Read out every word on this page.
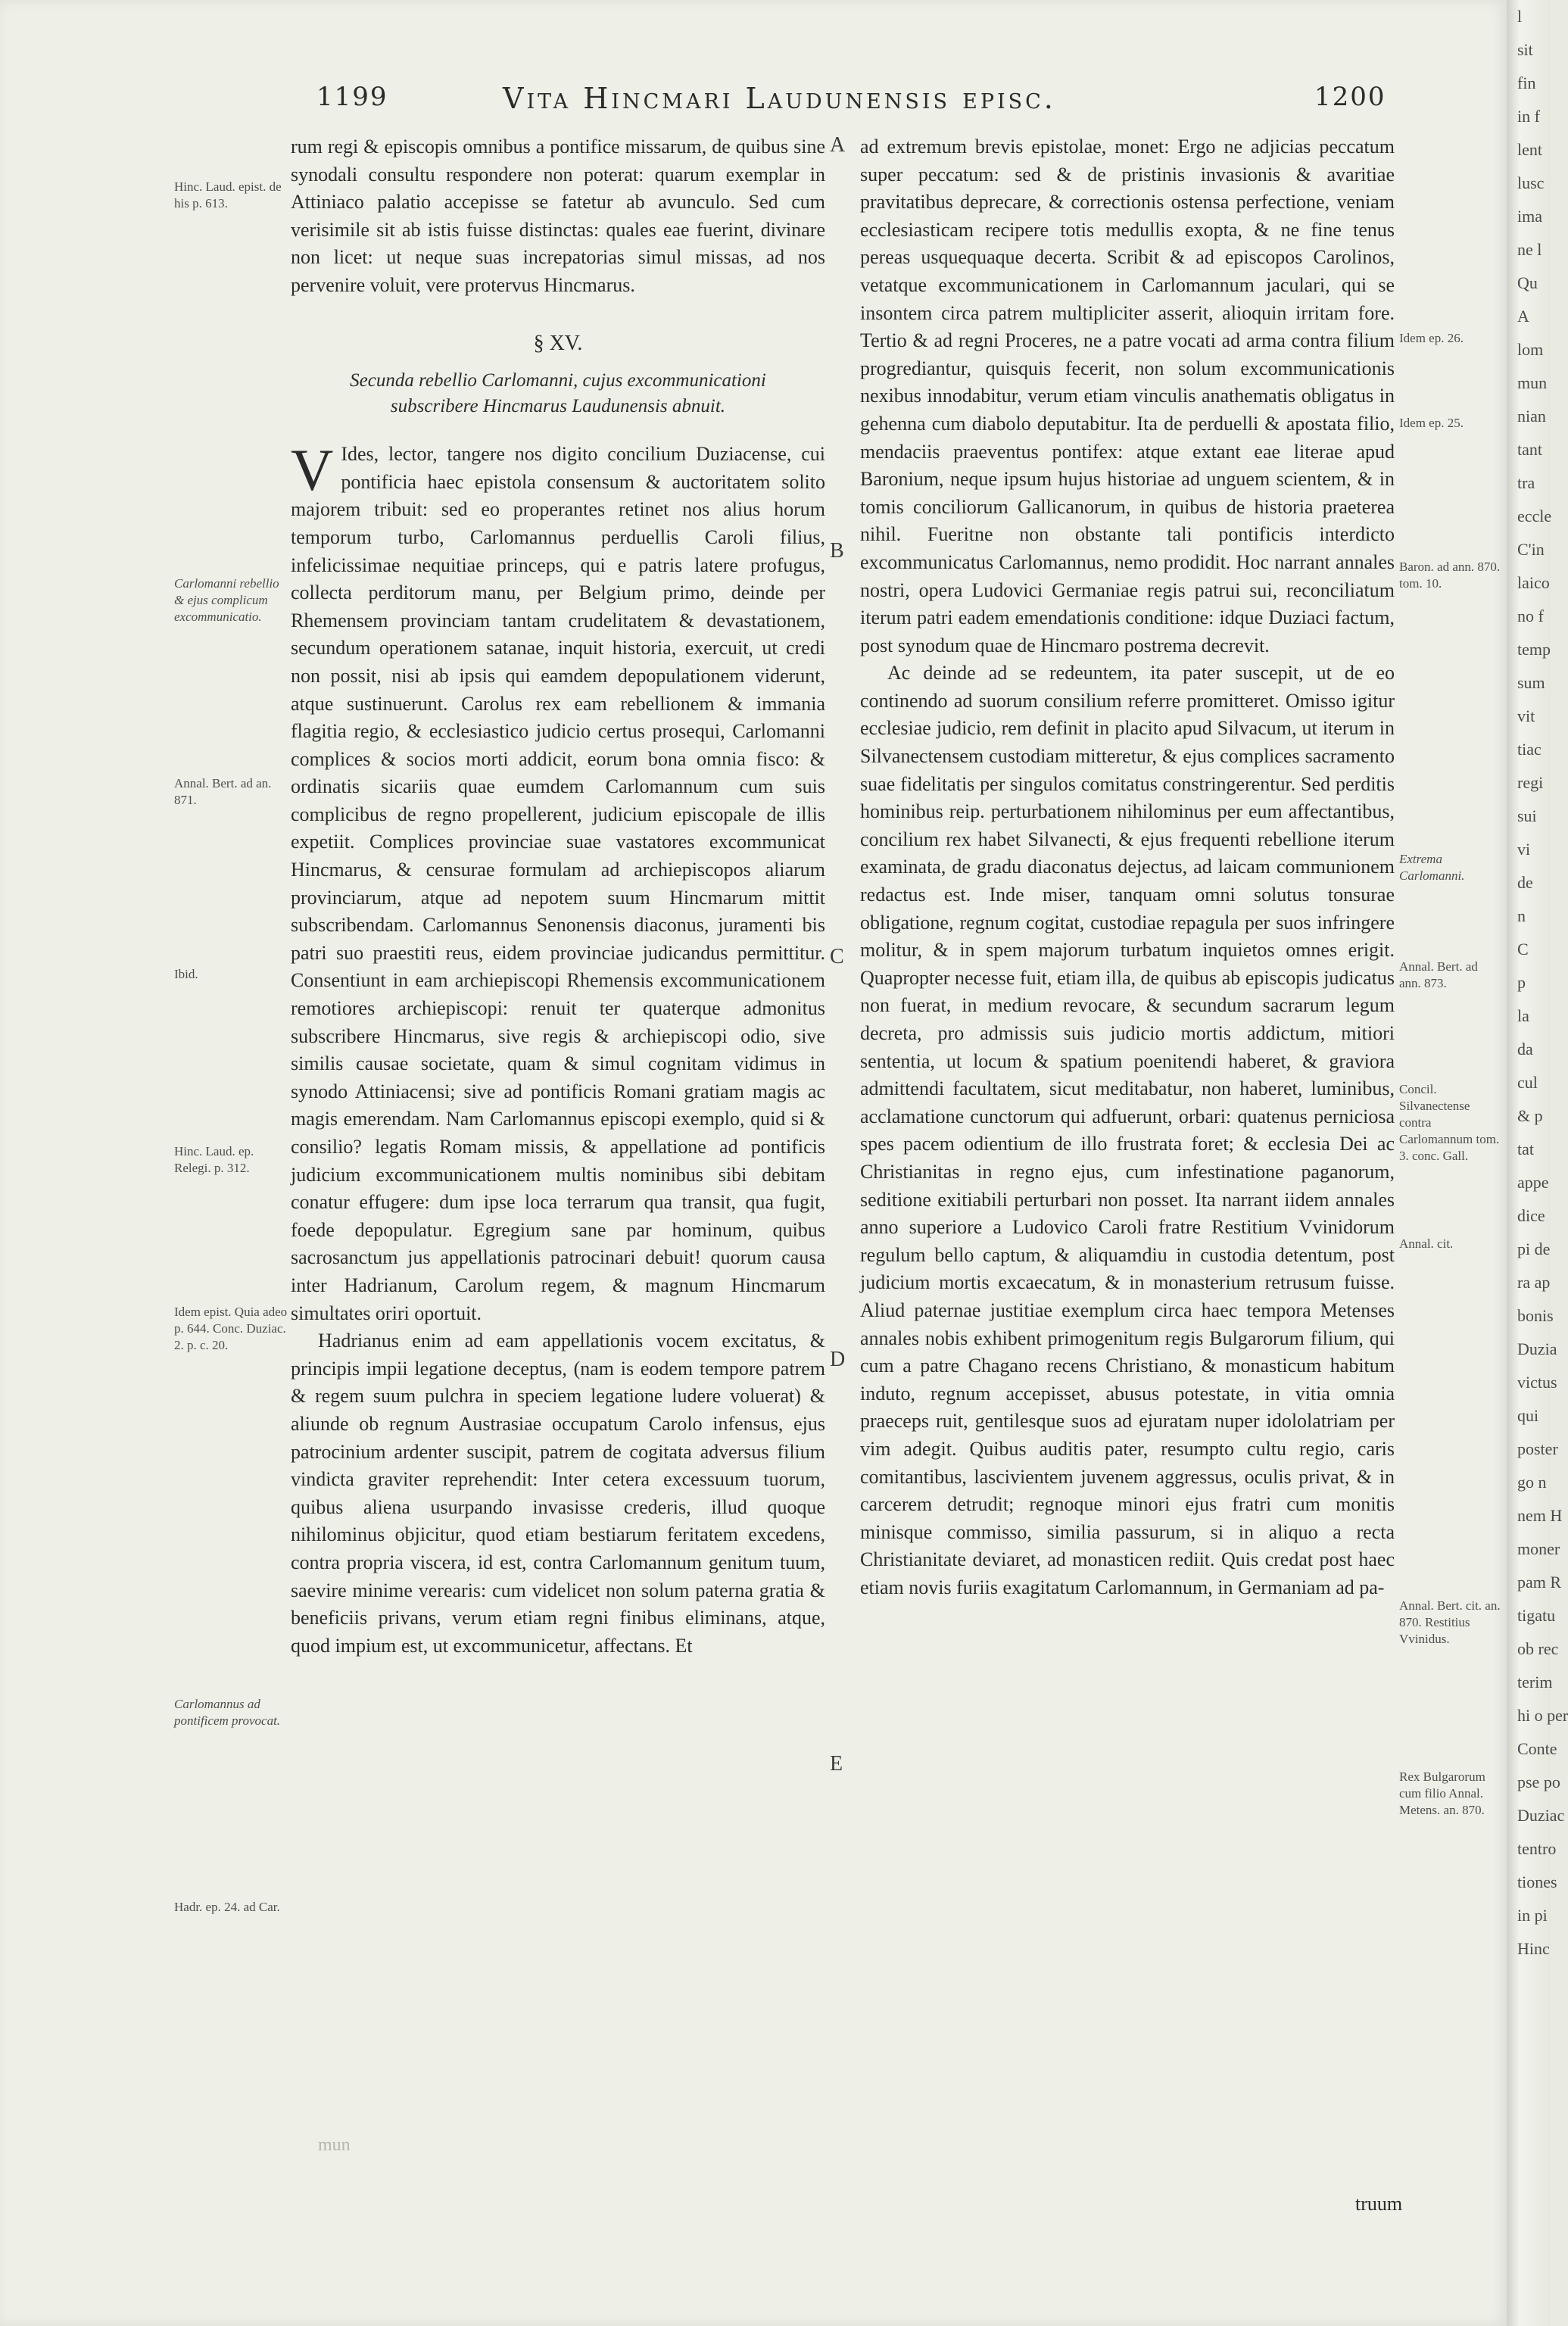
1199	Vita Hincmari Laudunensis episc.	1200

rum regi & episcopis omnibus a pontifice missarum, de quibus sine synodali consultu respondere non poterat: quarum exemplar in Attiniaco palatio accepisse se fatetur ab avunculo. Sed cum verisimile sit ab istis fuisse distinctas: quales eae fuerint, divinare non licet: ut neque suas increpatorias simul missas, ad nos pervenire voluit, vere protervus Hincmarus.

§ XV.
Secunda rebellio Carlomanni, cujus excommunicationi subscribere Hincmarus Laudunensis abnuit.

V Ides, lector, tangere nos digito concilium Duziacense, cui pontificia haec epistola consensum & auctoritatem solito majorem tribuit: sed eo properantes retinet nos alius horum temporum turbo, Carlomannus perduellis Caroli filius, infelicissimae nequitiae princeps, qui e patris latere profugus, collecta perditorum manu, per Belgium primo, deinde per Rhemensem provinciam tantam crudelitatem & devastationem, secundum operationem satanae, inquit historia, exercuit, ut credi non possit, nisi ab ipsis qui eamdem depopulationem viderunt, atque sustinuerunt. Carolus rex eam rebellionem & immania flagitia regio, & ecclesiastico judicio certus prosequi, Carlomanni complices & socios morti addicit, eorum bona omnia fisco: & ordinatis sicariis quae eumdem Carlomannum cum suis complicibus de regno propellerent, judicium episcopale de illis expetiit. Complices provinciae suae vastatores excommunicat Hincmarus, & censurae formulam ad archiepiscopos aliarum provinciarum, atque ad nepotem suum Hincmarum mittit subscribendam. Carlomannus Senonensis diaconus, juramenti bis patri suo praestiti reus, eidem provinciae judicandus permittitur. Consentiunt in eam archiepiscopi Rhemensis excommunicationem remotiores archiepiscopi: renuit ter quaterque admonitus subscribere Hincmarus, sive regis & archiepiscopi odio, sive similis causae societate, quam & simul cognitam vidimus in synodo Attiniacensi; sive ad pontificis Romani gratiam magis ac magis emerendam. Nam Carlomannus episcopi exemplo, quid si & consilio? legatis Romam missis, & appellatione ad pontificis judicium excommunicationem multis nominibus sibi debitam conatur effugere: dum ipse loca terrarum qua transit, qua fugit, foede depopulatur. Egregium sane par hominum, quibus sacrosanctum jus appellationis patrocinari debuit! quorum causa inter Hadrianum, Carolum regem, & magnum Hincmarum simultates oriri oportuit.

Hadrianus enim ad eam appellationis vocem excitatus, & principis impii legatione deceptus, (nam is eodem tempore patrem & regem suum pulchra in speciem legatione ludere voluerat) & aliunde ob regnum Austrasiae occupatum Carolo infensus, ejus patrocinium ardenter suscipit, patrem de cogitata adversus filium vindicta graviter reprehendit: Inter cetera excessuum tuorum, quibus aliena usurpando invasisse crederis, illud quoque nihilominus objicitur, quod etiam bestiarum feritatem excedens, contra propria viscera, id est, contra Carlomannum genitum tuum, saevire minime verearis: cum videlicet non solum paterna gratia & beneficiis privans, verum etiam regni finibus eliminans, atque, quod impium est, ut excommunicetur, affectans. Et

ad extremum brevis epistolae, monet: Ergo ne adjicias peccatum super peccatum: sed & de pristinis invasionis & avaritiae pravitatibus deprecare, & correctionis ostensa perfectione, veniam ecclesiasticam recipere totis medullis exopta, & ne fine tenus pereas usquequaque decerta. Scribit & ad episcopos Carolinos, vetatque excommunicationem in Carlomannum jaculari, qui se insontem circa patrem multipliciter asserit, alioquin irritam fore. Tertio & ad regni Proceres, ne a patre vocati ad arma contra filium progrediantur, quisquis fecerit, non solum excommunicationis nexibus innodabitur, verum etiam vinculis anathematis obligatus in gehenna cum diabolo deputabitur. Ita de perduelli & apostata filio, mendaciis praeventus pontifex: atque extant eae literae apud Baronium, neque ipsum hujus historiae ad unguem scientem, & in tomis conciliorum Gallicanorum, in quibus de historia praeterea nihil. Fueritne non obstante tali pontificis interdicto excommunicatus Carlomannus, nemo prodidit. Hoc narrant annales nostri, opera Ludovici Germaniae regis patrui sui, reconciliatum iterum patri eadem emendationis conditione: idque Duziaci factum, post synodum quae de Hincmaro postrema decrevit.

Ac deinde ad se redeuntem, ita pater suscepit, ut de eo continendo ad suorum consilium referre promitteret. Omisso igitur ecclesiae judicio, rem definit in placito apud Silvacum, ut iterum in Silvanectensem custodiam mitteretur, & ejus complices sacramento suae fidelitatis per singulos comitatus constringerentur. Sed perditis hominibus reip. perturbationem nihilominus per eum affectantibus, concilium rex habet Silvanecti, & ejus frequenti rebellione iterum examinata, de gradu diaconatus dejectus, ad laicam communionem redactus est. Inde miser, tanquam omni solutus tonsurae obligatione, regnum cogitat, custodiae repagula per suos infringere molitur, & in spem majorum turbatum inquietos omnes erigit. Quapropter necesse fuit, etiam illa, de quibus ab episcopis judicatus non fuerat, in medium revocare, & secundum sacrarum legum decreta, pro admissis suis judicio mortis addictum, mitiori sententia, ut locum & spatium poenitendi haberet, & graviora admittendi facultatem, sicut meditabatur, non haberet, luminibus, acclamatione cunctorum qui adfuerunt, orbari: quatenus perniciosa spes pacem odientium de illo frustrata foret; & ecclesia Dei ac Christianitas in regno ejus, cum infestinatione paganorum, seditione exitiabili perturbari non posset. Ita narrant iidem annales anno superiore a Ludovico Caroli fratre Restitium Vvinidorum regulum bello captum, & aliquamdiu in custodia detentum, post judicium mortis excaecatum, & in monasterium retrusum fuisse. Aliud paternae justitiae exemplum circa haec tempora Metenses annales nobis exhibent primogenitum regis Bulgarorum filium, qui cum a patre Chagano recens Christiano, & monasticum habitum induto, regnum accepisset, abusus potestate, in vitia omnia praeceps ruit, gentilesque suos ad ejuratam nuper idololatriam per vim adegit. Quibus auditis pater, resumpto cultu regio, caris comitantibus, lascivientem juvenem aggressus, oculis privat, & in carcerem detrudit; regnoque minori ejus fratri cum monitis minisque commisso, similia passurum, si in aliquo a recta Christianitate deviaret, ad monasticen rediit. Quis credat post haec etiam novis furiis exagitatum Carlomannum, in Germaniam ad pa-

truum
Hinc. Laud. epist. de his p. 613.
Carlomanni rebellio & ejus complicum excommunicatio.
Annal. Bert. ad an. 871.
Ibid.
Hinc. Laud. ep. Relegi. p. 312.
Idem epist. Quia adeo p. 644. Conc. Duziac. 2. p. c. 20.
Carlomannus ad pontificem provocat.
Hadr. ep. 24. ad Car.
Idem ep. 26.
Idem ep. 25.
Baron. ad ann. 870. tom. 10.
Extrema Carlomanni.
Annal. Bert. ad ann. 873.
Concil. Silvanectense contra Carlomannum tom. 3. conc. Gall.
Annal. cit.
Annal. Bert. cit. an. 870. Restitius Vvinidus.
Rex Bulgarorum cum filio Annal. Metens. an. 870.
A
B
C
D
E
mun
l
sit
fin
in f
lent
lusc
ima
ne l
Qu
A
lom
mun
nian
tant
tra
eccle
C'in
laico
no f
temp
sum
vit
tiac
regi
sui
vi
de
n
C
p
la
da
cul
& p
tat
appe
dice
pi de
ra ap
bonis
Duzia
victus
qui
poster
go n
nem H
moner
pam R
tigatu
ob rec
terim
hi o per
Conte
pse po
Duziac
tentro
tiones
in pi
Hinc
